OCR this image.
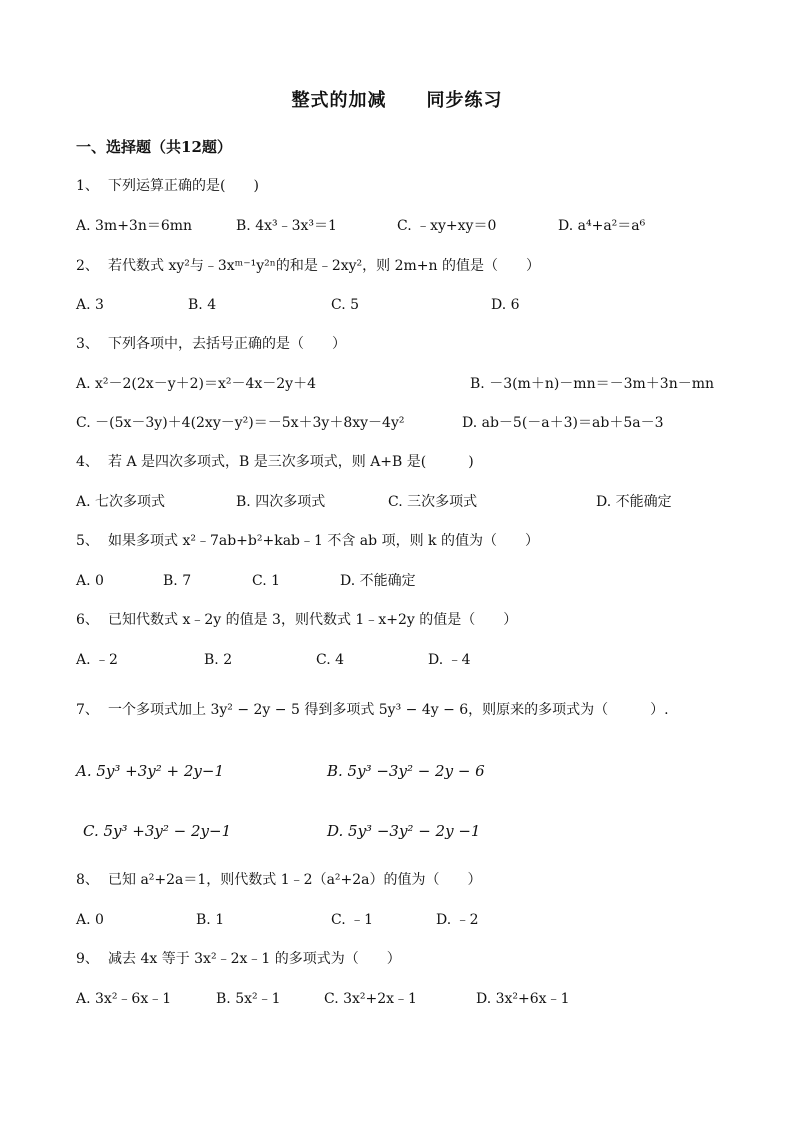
整式的加减 同步练习
一、选择题（共12题）
1、 下列运算正确的是(　　)
A. 3m+3n＝6mn	B. 4x³﹣3x³＝1	C. ﹣xy+xy＝0	D. a⁴+a²＝a⁶
2、 若代数式 xy²与﹣3xᵐ⁻¹y²ⁿ的和是﹣2xy²，则 2m+n 的值是（　　）
A. 3	B. 4	C. 5	D. 6
3、 下列各项中，去括号正确的是（　　）
A. x²－2(2x－y＋2)＝x²－4x－2y＋4	B. －3(m＋n)－mn＝－3m＋3n－mn
C. －(5x－3y)＋4(2xy－y²)＝－5x＋3y＋8xy－4y²	D. ab－5(－a＋3)＝ab＋5a－3
4、 若 A 是四次多项式，B 是三次多项式，则 A+B 是(　　　)
A. 七次多项式	B. 四次多项式	C. 三次多项式	D. 不能确定
5、 如果多项式 x²﹣7ab+b²+kab﹣1 不含 ab 项，则 k 的值为（　　）
A. 0	B. 7	C. 1	D. 不能确定
6、 已知代数式 x﹣2y 的值是 3，则代数式 1﹣x+2y 的值是（　　）
A. ﹣2	B. 2	C. 4	D. ﹣4
7、 一个多项式加上 3y² − 2y − 5 得到多项式 5y³ − 4y − 6，则原来的多项式为（　　　）.
A. 5y³ +3y² + 2y−1	B. 5y³ −3y² − 2y − 6
C. 5y³ +3y² − 2y−1	D. 5y³ −3y² − 2y −1
8、 已知 a²+2a＝1，则代数式 1﹣2（a²+2a）的值为（　　）
A. 0	B. 1	C. ﹣1	D. ﹣2
9、 减去 4x 等于 3x²﹣2x﹣1 的多项式为（　　）
A. 3x²﹣6x﹣1	B. 5x²﹣1	C. 3x²+2x﹣1	D. 3x²+6x﹣1
